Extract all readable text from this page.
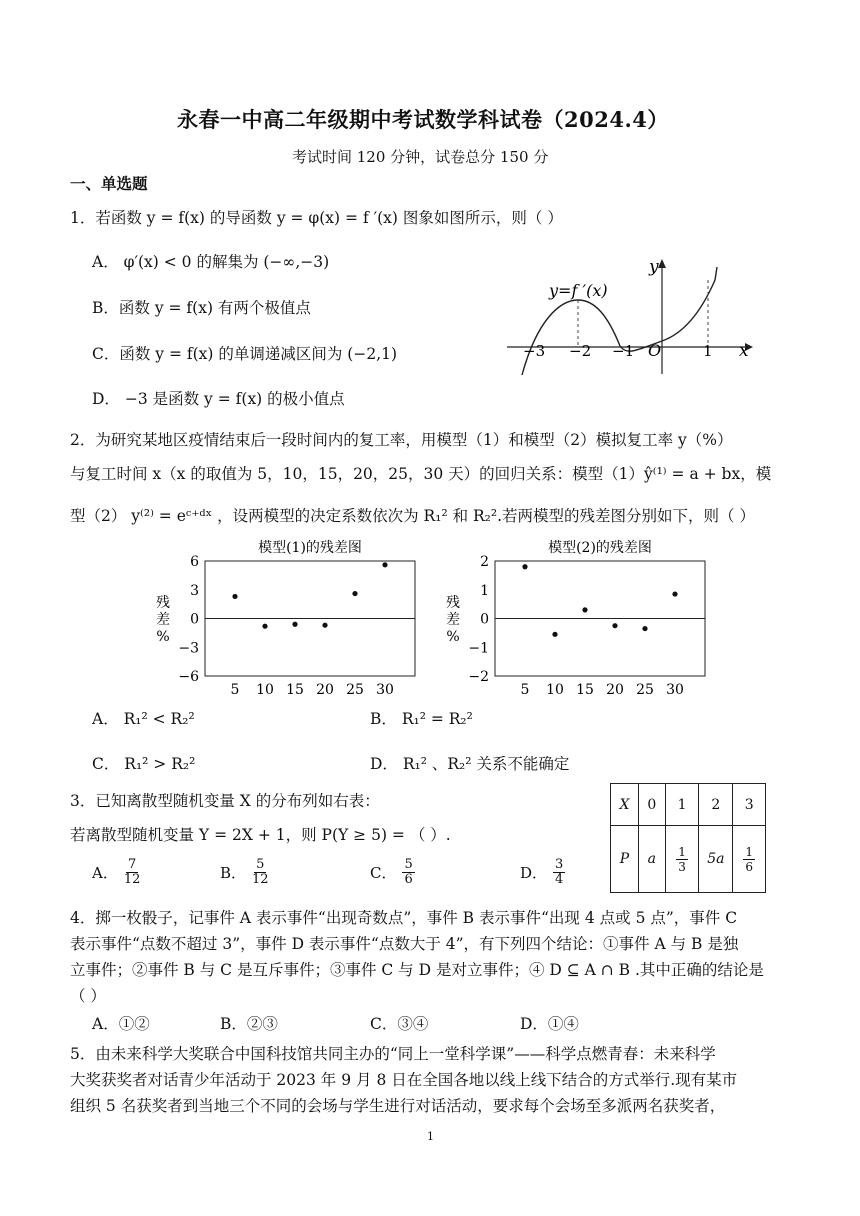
永春一中高二年级期中考试数学科试卷（2024.4）
考试时间 120 分钟，试卷总分 150 分
一、单选题
1．若函数 y = f(x) 的导函数 y = φ(x) = f ′(x) 图象如图所示，则（ ）
A． φ′(x) < 0 的解集为 (−∞,−3)
B．函数 y = f(x) 有两个极值点
C．函数 y = f(x) 的单调递减区间为 (−2,1)
D． −3 是函数 y = f(x) 的极小值点
y=f ′(x)
y
x
O
−3 −2 −1	1
2．为研究某地区疫情结束后一段时间内的复工率，用模型（1）和模型（2）模拟复工率 y（%）
与复工时间 x（x 的取值为 5，10，15，20，25，30 天）的回归关系：模型（1）ŷ⁽¹⁾ = a + bx，模
型（2） y⁽²⁾ = eᶜ⁺ᵈˣ ，设两模型的决定系数依次为 R₁² 和 R₂².若两模型的残差图分别如下，则（ ）
模型(1)的残差图
6
3
0
−3
−6
5 10 15 20 25 30
残
差
%
模型(2)的残差图
2
1
0
−1
−2
5 10 15 20 25 30
残
差
%
A． R₁² < R₂²	B． R₁² = R₂²
C． R₁² > R₂²	D． R₁² 、R₂² 关系不能确定
3．已知离散型随机变量 X 的分布列如右表：
若离散型随机变量 Y = 2X + 1，则 P(Y ≥ 5) = （ ）.
A． $\frac{7}{12}$	B． $\frac{5}{12}$	C． $\frac{5}{6}$	D． $\frac{3}{4}$
X	0	1	2	3
P	a	$\frac{1}{3}$	5a	$\frac{1}{6}$
4．掷一枚骰子，记事件 A 表示事件“出现奇数点”，事件 B 表示事件“出现 4 点或 5 点”，事件 C
表示事件“点数不超过 3”，事件 D 表示事件“点数大于 4”，有下列四个结论：①事件 A 与 B 是独
立事件；②事件 B 与 C 是互斥事件；③事件 C 与 D 是对立事件；④ D ⊆ A ∩ B .其中正确的结论是
（ ）
A．①②	B．②③	C．③④	D．①④
5．由未来科学大奖联合中国科技馆共同主办的“同上一堂科学课”——科学点燃青春：未来科学
大奖获奖者对话青少年活动于 2023 年 9 月 8 日在全国各地以线上线下结合的方式举行.现有某市
组织 5 名获奖者到当地三个不同的会场与学生进行对话活动，要求每个会场至多派两名获奖者，
1
